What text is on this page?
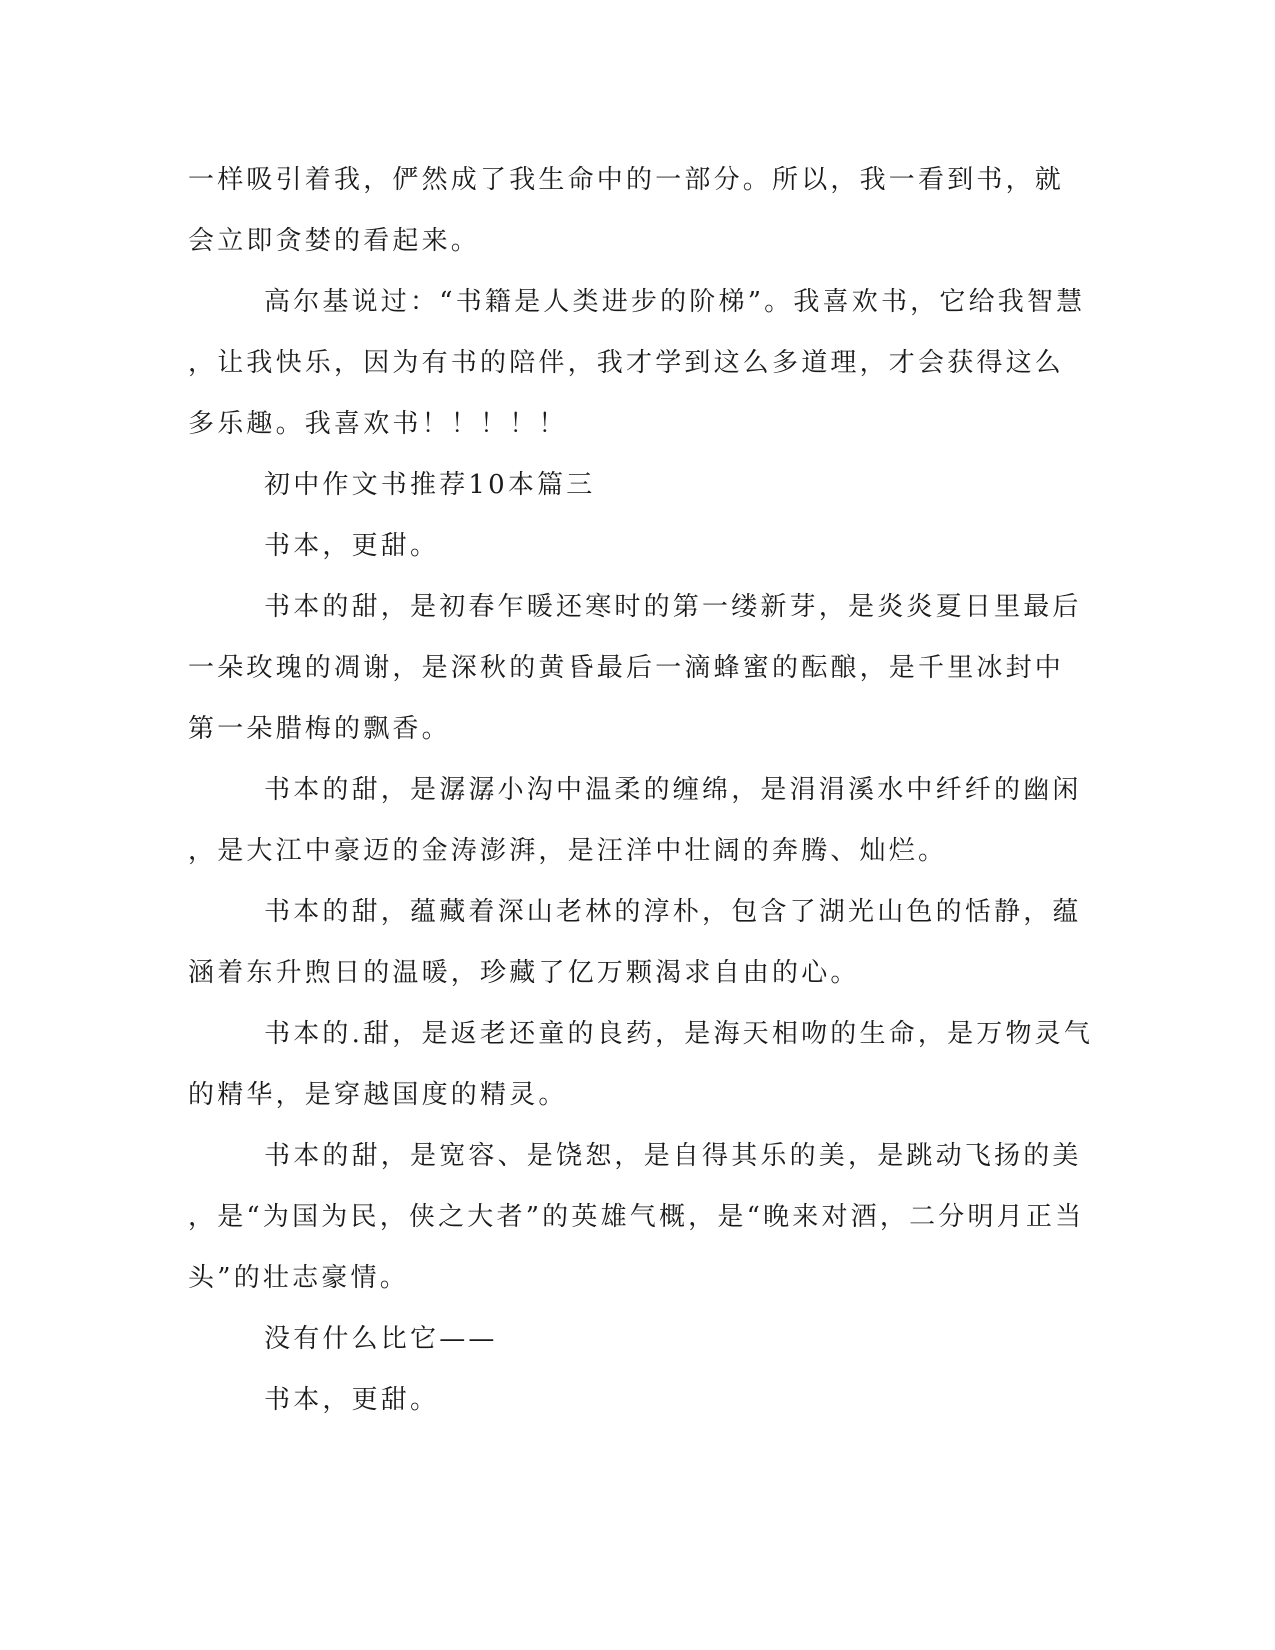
一样吸引着我，俨然成了我生命中的一部分。所以，我一看到书，就
会立即贪婪的看起来。
高尔基说过：“书籍是人类进步的阶梯”。我喜欢书，它给我智慧
，让我快乐，因为有书的陪伴，我才学到这么多道理，才会获得这么
多乐趣。我喜欢书！！！！！
初中作文书推荐10本篇三
书本，更甜。
书本的甜，是初春乍暖还寒时的第一缕新芽，是炎炎夏日里最后
一朵玫瑰的凋谢，是深秋的黄昏最后一滴蜂蜜的酝酿，是千里冰封中
第一朵腊梅的飘香。
书本的甜，是潺潺小沟中温柔的缠绵，是涓涓溪水中纤纤的幽闲
，是大江中豪迈的金涛澎湃，是汪洋中壮阔的奔腾、灿烂。
书本的甜，蕴藏着深山老林的淳朴，包含了湖光山色的恬静，蕴
涵着东升煦日的温暖，珍藏了亿万颗渴求自由的心。
书本的.甜，是返老还童的良药，是海天相吻的生命，是万物灵气
的精华，是穿越国度的精灵。
书本的甜，是宽容、是饶恕，是自得其乐的美，是跳动飞扬的美
，是“为国为民，侠之大者”的英雄气概，是“晚来对酒，二分明月正当
头”的壮志豪情。
没有什么比它——
书本，更甜。
